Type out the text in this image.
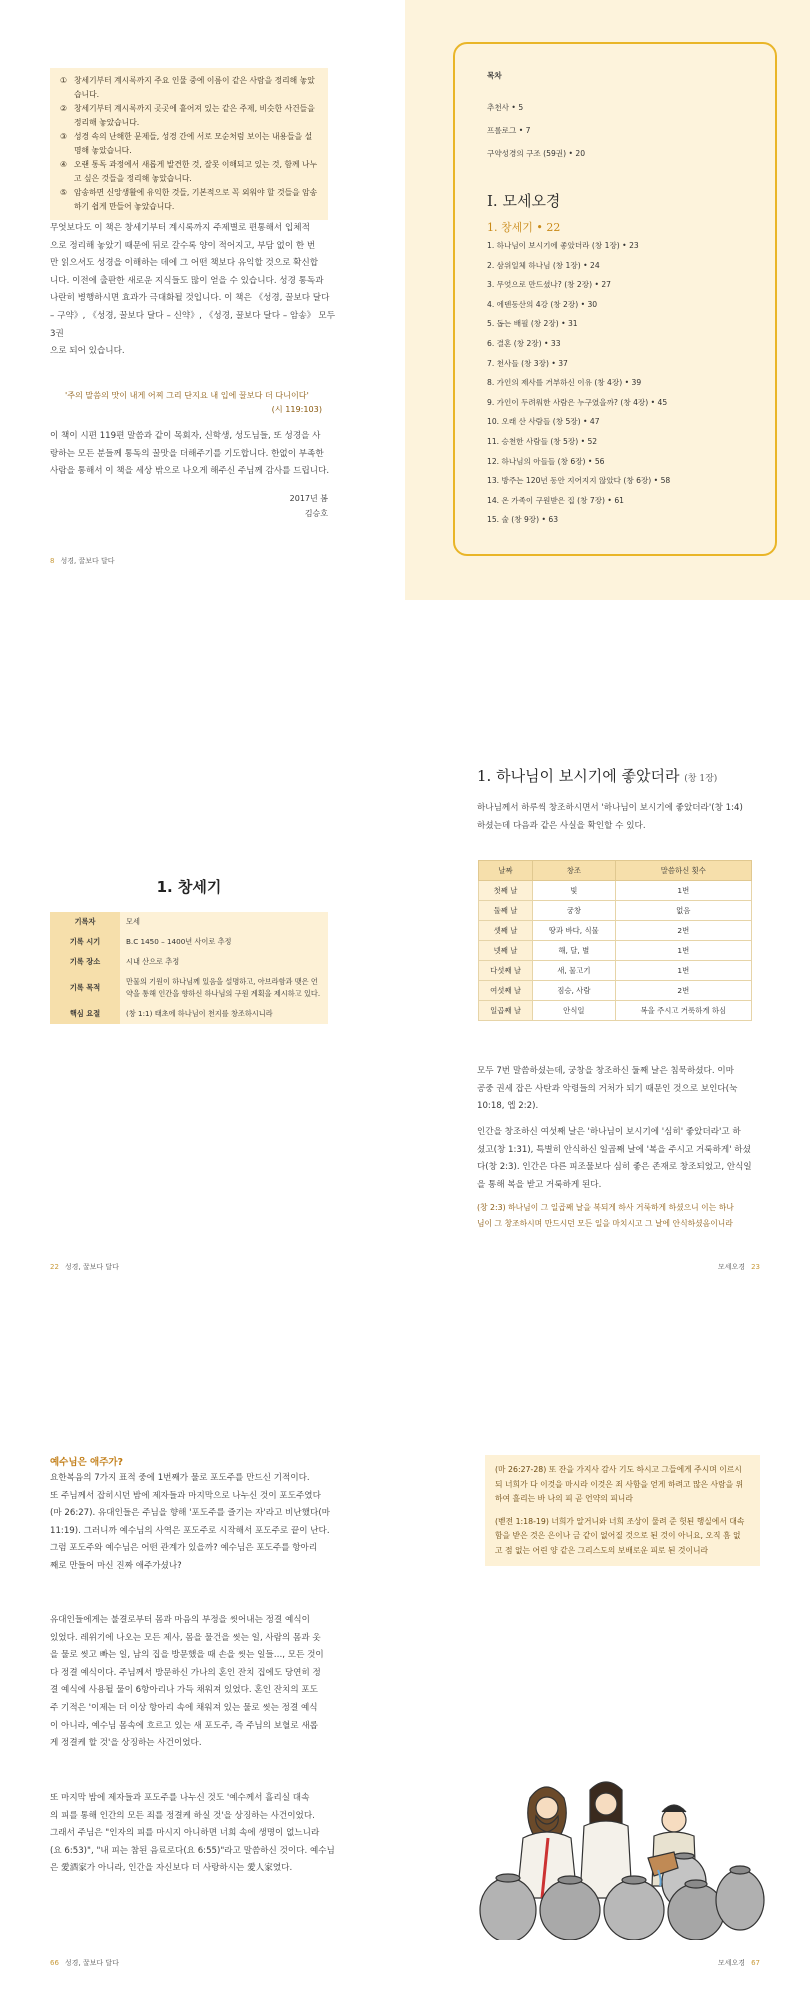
① 창세기부터 계시록까지 주요 인물 중에 이름이 같은 사람을 정리해 놓았습니다.
② 창세기부터 계시록까지 곳곳에 흩어져 있는 같은 주제, 비슷한 사건들을 정리해 놓았습니다.
③ 성경 속의 난해한 문제들, 성경 간에 서로 모순처럼 보이는 내용들을 설명해 놓았습니다.
④ 오랜 통독 과정에서 새롭게 발견한 것, 잘못 이해되고 있는 것, 함께 나누고 싶은 것들을 정리해 놓았습니다.
⑤ 암송하면 신앙생활에 유익한 것들, 기본적으로 꼭 외워야 할 것들을 암송하기 쉽게 만들어 놓았습니다.
무엇보다도 이 책은 창세기부터 계시록까지 주제별로 편통해서 입체적
으로 정리해 놓았기 때문에 뒤로 갈수록 양이 적어지고, 부담 없이 한 번
만 읽으셔도 성경을 이해하는 데에 그 어떤 책보다 유익할 것으로 확신합
니다. 이전에 출판한 새로운 지식들도 많이 얻을 수 있습니다. 성경 통독과
나란히 병행하시면 효과가 극대화될 것입니다. 이 책은 《성경, 꿀보다 달다
– 구약》, 《성경, 꿀보다 달다 – 신약》, 《성경, 꿀보다 달다 – 암송》 모두 3권
으로 되어 있습니다.
'주의 말씀의 맛이 내게 어찌 그리 단지요 내 입에 꿀보다 더 다니이다'
(시 119:103)
이 책이 시편 119편 말씀과 같이 목회자, 신학생, 성도님들, 또 성경을 사
랑하는 모든 분들께 통독의 꿀맛을 더해주기를 기도합니다. 한없이 부족한
사람을 통해서 이 책을 세상 밖으로 나오게 해주신 주님께 감사를 드립니다.
2017년 봄
김승호
8 성경, 꿀보다 달다
목차
추천사 • 5
프롤로그 • 7
구약성경의 구조 (59권) • 20
I. 모세오경
1. 창세기 • 22
1. 하나님이 보시기에 좋았더라 (창 1장) • 23
2. 삼위일체 하나님 (창 1장) • 24
3. 무엇으로 만드셨나? (창 2장) • 27
4. 에덴동산의 4강 (창 2장) • 30
5. 돕는 배필 (창 2장) • 31
6. 결혼 (창 2장) • 33
7. 천사들 (창 3장) • 37
8. 가인의 제사를 거부하신 이유 (창 4장) • 39
9. 가인이 두려워한 사람은 누구였을까? (창 4장) • 45
10. 오래 산 사람들 (창 5장) • 47
11. 승천한 사람들 (창 5장) • 52
12. 하나님의 아들들 (창 6장) • 56
13. 방주는 120년 동안 지어지지 않았다 (창 6장) • 58
14. 온 가족이 구원받은 집 (창 7장) • 61
15. 술 (창 9장) • 63
1. 창세기
기록자	모세
기록 시기	B.C 1450 – 1400년 사이로 추정
기록 장소	시내 산으로 추정
기록 목적	만물의 기원이 하나님께 있음을 설명하고, 아브라함과 맺은 언약을 통해 인간을 향하신 하나님의 구원 계획을 제시하고 있다.
핵심 요절	(창 1:1) 태초에 하나님이 천지를 창조하시니라
22 성경, 꿀보다 달다
1. 하나님이 보시기에 좋았더라 (창 1장)
하나님께서 하루씩 창조하시면서 '하나님이 보시기에 좋았더라'(창 1:4)
하셨는데 다음과 같은 사실을 확인할 수 있다.
날짜	창조	말씀하신 횟수
첫째 날	빛	1번
둘째 날	궁창	없음
셋째 날	땅과 바다, 식물	2번
넷째 날	해, 달, 별	1번
다섯째 날	새, 물고기	1번
여섯째 날	짐승, 사람	2번
일곱째 날	안식일	복을 주시고 거룩하게 하심
모두 7번 말씀하셨는데, 궁창을 창조하신 둘째 날은 침묵하셨다. 이마
공중 권세 잡은 사탄과 악령들의 거처가 되기 때문인 것으로 보인다(눅
10:18, 엡 2:2).
인간을 창조하신 여섯째 날은 '하나님이 보시기에 '심히' 좋았더라'고 하
셨고(창 1:31), 특별히 안식하신 일곱째 날에 '복을 주시고 거룩하게' 하셨
다(창 2:3). 인간은 다른 피조물보다 심히 좋은 존재로 창조되었고, 안식일
을 통해 복을 받고 거룩하게 된다.
(창 2:3) 하나님이 그 일곱째 날을 복되게 하사 거룩하게 하셨으니 이는 하나
님이 그 창조하시며 만드시던 모든 일을 마치시고 그 날에 안식하셨음이니라
모세오경 23
예수님은 애주가?
요한복음의 7가지 표적 중에 1번째가 물로 포도주를 만드신 기적이다.
또 주님께서 잡히시던 밤에 제자들과 마지막으로 나누신 것이 포도주였다
(마 26:27). 유대인들은 주님을 향해 '포도주를 즐기는 자'라고 비난했다(마
11:19). 그러니까 예수님의 사역은 포도주로 시작해서 포도주로 끝이 난다.
그럼 포도주와 예수님은 어떤 관계가 있을까? 예수님은 포도주를 항아리
째로 만들어 마신 진짜 애주가셨나?
유대인들에게는 불결로부터 몸과 마음의 부정을 씻어내는 정결 예식이
있었다. 레위기에 나오는 모든 제사, 몸을 물건을 씻는 일, 사람의 몸과 옷
을 물로 씻고 빠는 일, 남의 집을 방문했을 때 손을 씻는 일들…, 모든 것이
다 정결 예식이다. 주님께서 방문하신 가나의 혼인 잔치 집에도 당연히 정
결 예식에 사용될 물이 6항아리나 가득 채워져 있었다. 혼인 잔치의 포도
주 기적은 '이제는 더 이상 항아리 속에 채워져 있는 물로 씻는 정결 예식
이 아니라, 예수님 몸속에 흐르고 있는 새 포도주, 즉 주님의 보혈로 새롭
게 정결케 할 것'을 상징하는 사건이었다.
또 마지막 밤에 제자들과 포도주를 나누신 것도 '예수께서 흘리실 대속
의 피를 통해 인간의 모든 죄를 정결케 하실 것'을 상징하는 사건이었다.
그래서 주님은 "인자의 피를 마시지 아니하면 너희 속에 생명이 없느니라
(요 6:53)", "내 피는 참된 음료로다(요 6:55)"라고 말씀하신 것이다. 예수님
은 愛酒家가 아니라, 인간을 자신보다 더 사랑하시는 愛人家였다.
66 성경, 꿀보다 달다
(마 26:27-28) 또 잔을 가지사 감사 기도 하시고 그들에게 주시며 이르시
되 너희가 다 이것을 마시라 이것은 죄 사함을 얻게 하려고 많은 사람을 위
하여 흘리는 바 나의 피 곧 언약의 피니라
(벧전 1:18-19) 너희가 알거니와 너희 조상이 물려 준 헛된 행실에서 대속
함을 받은 것은 은이나 금 같이 없어질 것으로 된 것이 아니요, 오직 흠 없
고 점 없는 어린 양 같은 그리스도의 보배로운 피로 된 것이니라
모세오경 67
